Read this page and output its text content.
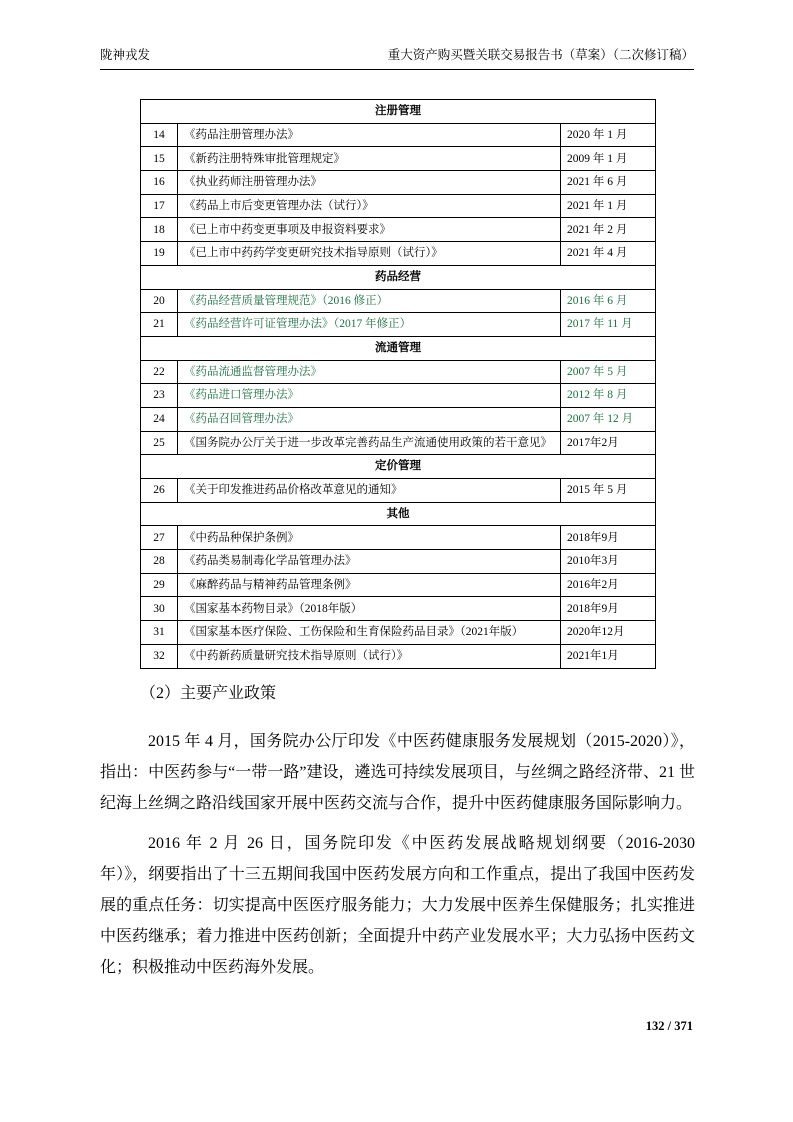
陇神戎发	重大资产购买暨关联交易报告书（草案）（二次修订稿）
注册管理		
14	《药品注册管理办法》	2020 年 1 月
15	《新药注册特殊审批管理规定》	2009 年 1 月
16	《执业药师注册管理办法》	2021 年 6 月
17	《药品上市后变更管理办法（试行）》	2021 年 1 月
18	《已上市中药变更事项及申报资料要求》	2021 年 2 月
19	《已上市中药药学变更研究技术指导原则（试行）》	2021 年 4 月
药品经营		
20	《药品经营质量管理规范》（2016 修正）	2016 年 6 月
21	《药品经营许可证管理办法》（2017 年修正）	2017 年 11 月
流通管理		
22	《药品流通监督管理办法》	2007 年 5 月
23	《药品进口管理办法》	2012 年 8 月
24	《药品召回管理办法》	2007 年 12 月
25	《国务院办公厅关于进一步改革完善药品生产流通使用政策的若干意见》	2017年2月
定价管理		
26	《关于印发推进药品价格改革意见的通知》	2015 年 5 月
其他		
27	《中药品种保护条例》	2018年9月
28	《药品类易制毒化学品管理办法》	2010年3月
29	《麻醉药品与精神药品管理条例》	2016年2月
30	《国家基本药物目录》（2018年版）	2018年9月
31	《国家基本医疗保险、工伤保险和生育保险药品目录》（2021年版）	2020年12月
32	《中药新药质量研究技术指导原则（试行）》	2021年1月

（2）主要产业政策

2015 年 4 月，国务院办公厅印发《中医药健康服务发展规划（2015-2020）》，指出：中医药参与“一带一路”建设，遴选可持续发展项目，与丝绸之路经济带、21 世纪海上丝绸之路沿线国家开展中医药交流与合作，提升中医药健康服务国际影响力。

2016 年 2 月 26 日，国务院印发《中医药发展战略规划纲要（2016-2030 年）》，纲要指出了十三五期间我国中医药发展方向和工作重点，提出了我国中医药发展的重点任务：切实提高中医医疗服务能力；大力发展中医养生保健服务；扎实推进中医药继承；着力推进中医药创新；全面提升中药产业发展水平；大力弘扬中医药文化；积极推动中医药海外发展。

132 / 371
